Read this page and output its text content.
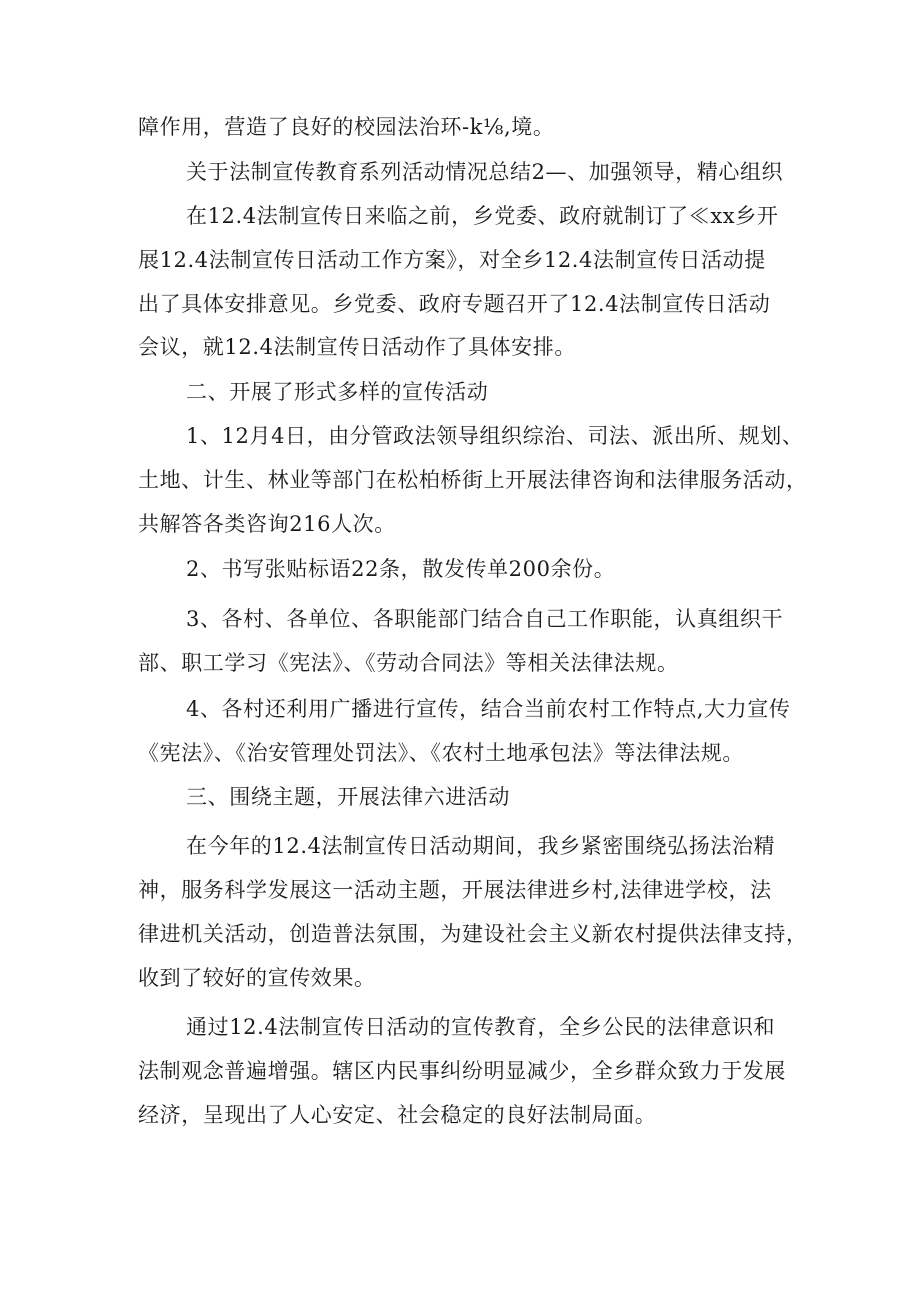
障作用，营造了良好的校园法治环-k⅛,境。

关于法制宣传教育系列活动情况总结2—、加强领导，精心组织

在12.4法制宣传日来临之前，乡党委、政府就制订了≪xx乡开

展12.4法制宣传日活动工作方案》，对全乡12.4法制宣传日活动提

出了具体安排意见。乡党委、政府专题召开了12.4法制宣传日活动

会议，就12.4法制宣传日活动作了具体安排。

二、开展了形式多样的宣传活动

1、12月4日，由分管政法领导组织综治、司法、派出所、规划、

土地、计生、林业等部门在松柏桥街上开展法律咨询和法律服务活动，

共解答各类咨询216人次。

2、书写张贴标语22条，散发传单200余份。

3、各村、各单位、各职能部门结合自己工作职能，认真组织干

部、职工学习《宪法》、《劳动合同法》等相关法律法规。

4、各村还利用广播进行宣传，结合当前农村工作特点,大力宣传

《宪法》、《治安管理处罚法》、《农村土地承包法》等法律法规。

三、围绕主题，开展法律六进活动

在今年的12.4法制宣传日活动期间，我乡紧密围绕弘扬法治精

神，服务科学发展这一活动主题，开展法律进乡村,法律进学校，法

律进机关活动，创造普法氛围，为建设社会主义新农村提供法律支持，

收到了较好的宣传效果。

通过12.4法制宣传日活动的宣传教育，全乡公民的法律意识和

法制观念普遍增强。辖区内民事纠纷明显减少，全乡群众致力于发展

经济，呈现出了人心安定、社会稳定的良好法制局面。
